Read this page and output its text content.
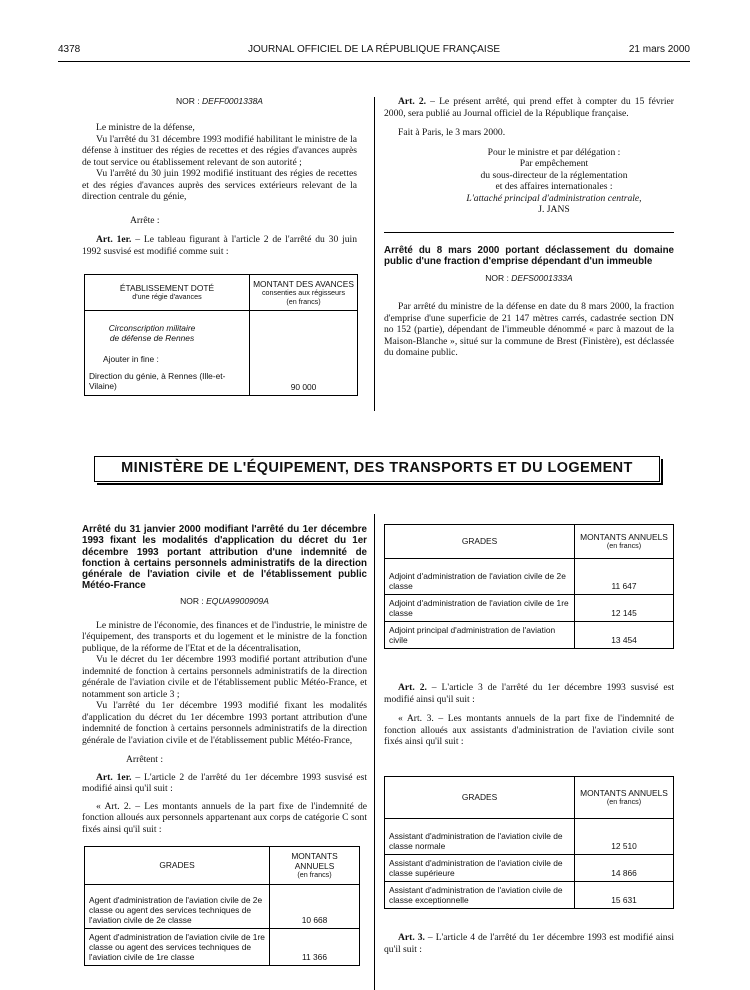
4378	JOURNAL OFFICIEL DE LA RÉPUBLIQUE FRANÇAISE	21 mars 2000
NOR : DEFF0001338A

Le ministre de la défense,

Vu l'arrêté du 31 décembre 1993 modifié habilitant le ministre de la défense à instituer des régies de recettes et des régies d'avances auprès de tout service ou établissement relevant de son autorité ;

Vu l'arrêté du 30 juin 1992 modifié instituant des régies de recettes et des régies d'avances auprès des services extérieurs relevant de la direction centrale du génie,

Arrête :

Art. 1er. – Le tableau figurant à l'article 2 de l'arrêté du 30 juin 1992 susvisé est modifié comme suit :

ÉTABLISSEMENT DOTÉ
d'une régie d'avances	MONTANT DES AVANCES
consenties aux régisseurs
(en francs)

Circonscription militaire
de défense de Rennes
Ajouter in fine :
Direction du génie, à Rennes (Ille-et-Vilaine)	90 000

Art. 2. – Le présent arrêté, qui prend effet à compter du 15 février 2000, sera publié au Journal officiel de la République française.

Fait à Paris, le 3 mars 2000.

Pour le ministre et par délégation :
Par empêchement
du sous-directeur de la réglementation
et des affaires internationales :
L'attaché principal d'administration centrale,
J. JANS

Arrêté du 8 mars 2000 portant déclassement du domaine public d'une fraction d'emprise dépendant d'un immeuble

NOR : DEFS0001333A

Par arrêté du ministre de la défense en date du 8 mars 2000, la fraction d'emprise d'une superficie de 21 147 mètres carrés, cadastrée section DN no 152 (partie), dépendant de l'immeuble dénommé « parc à mazout de la Maison-Blanche », situé sur la commune de Brest (Finistère), est déclassée du domaine public.

MINISTÈRE DE L'ÉQUIPEMENT, DES TRANSPORTS ET DU LOGEMENT

Arrêté du 31 janvier 2000 modifiant l'arrêté du 1er décembre 1993 fixant les modalités d'application du décret du 1er décembre 1993 portant attribution d'une indemnité de fonction à certains personnels administratifs de la direction générale de l'aviation civile et de l'établissement public Météo-France

NOR : EQUA9900909A

Le ministre de l'économie, des finances et de l'industrie, le ministre de l'équipement, des transports et du logement et le ministre de la fonction publique, de la réforme de l'Etat et de la décentralisation,

Vu le décret du 1er décembre 1993 modifié portant attribution d'une indemnité de fonction à certains personnels administratifs de la direction générale de l'aviation civile et de l'établissement public Météo-France, et notamment son article 3 ;

Vu l'arrêté du 1er décembre 1993 modifié fixant les modalités d'application du décret du 1er décembre 1993 portant attribution d'une indemnité de fonction à certains personnels administratifs de la direction générale de l'aviation civile et de l'établissement public Météo-France,

Arrêtent :

Art. 1er. – L'article 2 de l'arrêté du 1er décembre 1993 susvisé est modifié ainsi qu'il suit :

« Art. 2. – Les montants annuels de la part fixe de l'indemnité de fonction alloués aux personnels appartenant aux corps de catégorie C sont fixés ainsi qu'il suit :

GRADES	MONTANTS ANNUELS
(en francs)

Agent d'administration de l'aviation civile de 2e classe ou agent des services techniques de l'aviation civile de 2e classe	10 668
Agent d'administration de l'aviation civile de 1re classe ou agent des services techniques de l'aviation civile de 1re classe	11 366
GRADES	MONTANTS ANNUELS
(en francs)

Adjoint d'administration de l'aviation civile de 2e classe	11 647
Adjoint d'administration de l'aviation civile de 1re classe	12 145
Adjoint principal d'administration de l'aviation civile	13 454

Art. 2. – L'article 3 de l'arrêté du 1er décembre 1993 susvisé est modifié ainsi qu'il suit :

« Art. 3. – Les montants annuels de la part fixe de l'indemnité de fonction alloués aux assistants d'administration de l'aviation civile sont fixés ainsi qu'il suit :

GRADES	MONTANTS ANNUELS
(en francs)

Assistant d'administration de l'aviation civile de classe normale	12 510
Assistant d'administration de l'aviation civile de classe supérieure	14 866
Assistant d'administration de l'aviation civile de classe exceptionnelle	15 631

Art. 3. – L'article 4 de l'arrêté du 1er décembre 1993 est modifié ainsi qu'il suit :
